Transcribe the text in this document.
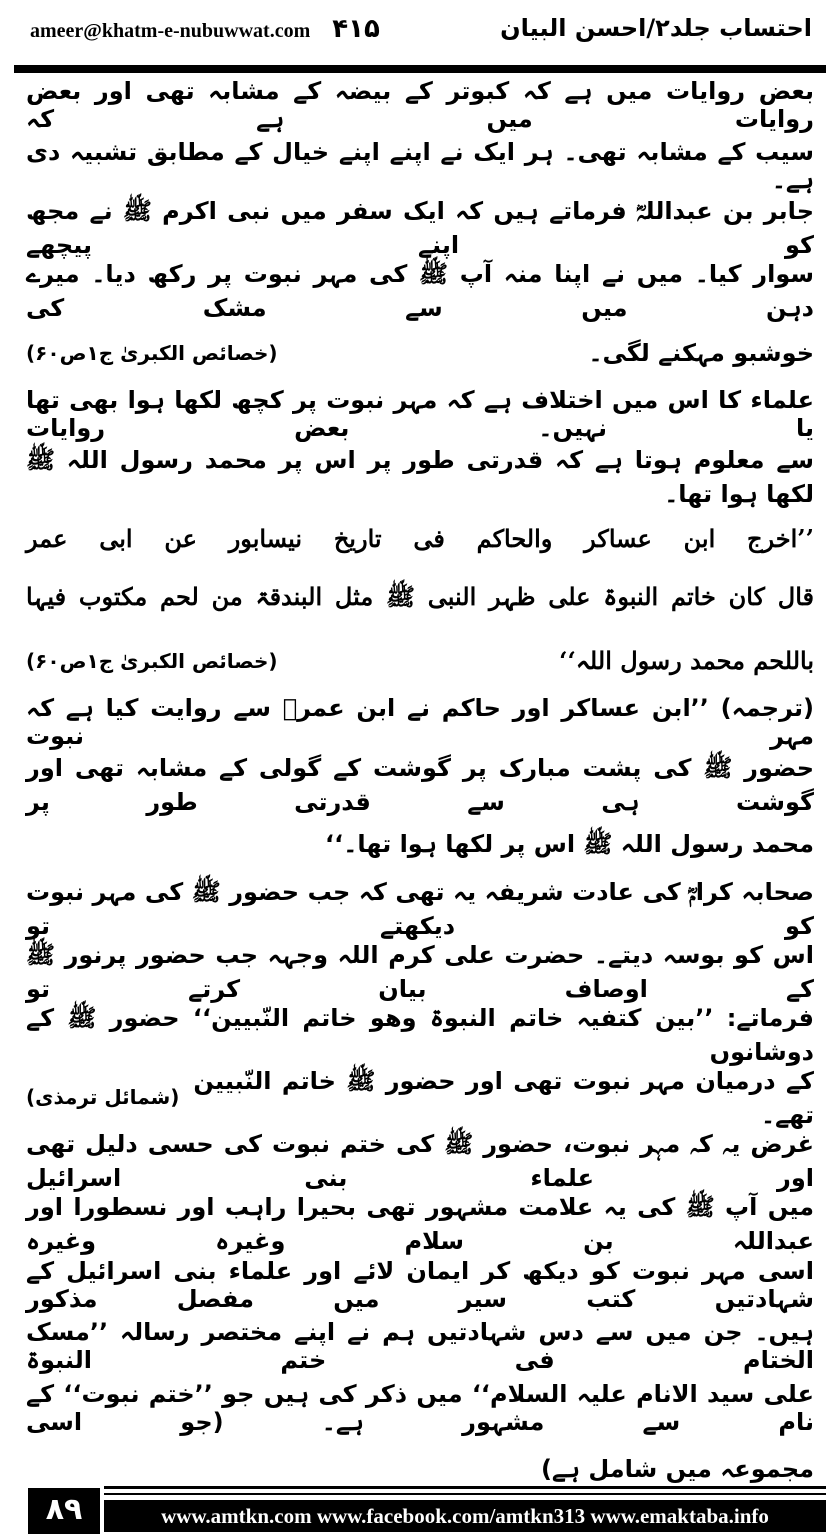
ameer@khatm-e-nubuwwat.com ۴۱۵	احتساب جلد۲/احسن البیان
بعض روایات میں ہے کہ کبوتر کے بیضہ کے مشابہ تھی اور بعض روایات میں ہے کہ
سیب کے مشابہ تھی۔ ہر ایک نے اپنے اپنے خیال کے مطابق تشبیہ دی ہے۔
جابر بن عبداللہؓ فرماتے ہیں کہ ایک سفر میں نبی اکرم ﷺ نے مجھ کو اپنے پیچھے
سوار کیا۔ میں نے اپنا منہ آپ ﷺ کی مہر نبوت پر رکھ دیا۔ میرے دہن میں سے مشک کی
خوشبو مہکنے لگی۔
(خصائص الکبریٰ ج۱ص۶۰)
علماء کا اس میں اختلاف ہے کہ مہر نبوت پر کچھ لکھا ہوا بھی تھا یا نہیں۔ بعض روایات
سے معلوم ہوتا ہے کہ قدرتی طور پر اس پر محمد رسول اللہ ﷺ لکھا ہوا تھا۔
’’اخرج ابن عساکر والحاکم فی تاریخ نیسابور عن ابی عمر
قال کان خاتم النبوۃ علی ظہر النبی ﷺ مثل البندقۃ من لحم مکتوب فیہا
باللحم محمد رسول اللہ‘‘
(خصائص الکبریٰ ج۱ص۶۰)
(ترجمہ) ’’ابن عساکر اور حاکم نے ابن عمرؓ سے روایت کیا ہے کہ مہر نبوت
حضور ﷺ کی پشت مبارک پر گوشت کے گولی کے مشابہ تھی اور گوشت ہی سے قدرتی طور پر
محمد رسول اللہ ﷺ اس پر لکھا ہوا تھا۔‘‘
صحابہ کرامؓ کی عادت شریفہ یہ تھی کہ جب حضور ﷺ کی مہر نبوت کو دیکھتے تو
اس کو بوسہ دیتے۔ حضرت علی کرم اللہ وجہہ جب حضور پرنور ﷺ کے اوصاف بیان کرتے تو
فرماتے: ’’بین کتفیہ خاتم النبوۃ وھو خاتم النّبیین‘‘ حضور ﷺ کے دوشانوں
کے درمیان مہر نبوت تھی اور حضور ﷺ خاتم النّبیین تھے۔
(شمائل ترمذی)
غرض یہ کہ مہر نبوت، حضور ﷺ کی ختم نبوت کی حسی دلیل تھی اور علماء بنی اسرائیل
میں آپ ﷺ کی یہ علامت مشہور تھی بحیرا راہب اور نسطورا اور عبداللہ بن سلام وغیرہ وغیرہ
اسی مہر نبوت کو دیکھ کر ایمان لائے اور علماء بنی اسرائیل کے شہادتیں کتب سیر میں مفصل مذکور
ہیں۔ جن میں سے دس شہادتیں ہم نے اپنے مختصر رسالہ ’’مسک الختام فی ختم النبوۃ
علی سید الانام علیہ السلام‘‘ میں ذکر کی ہیں جو ’’ختم نبوت‘‘ کے نام سے مشہور ہے۔ (جو اسی
مجموعہ میں شامل ہے)
۸۹	www.amtkn.com www.facebook.com/amtkn313 www.emaktaba.info
